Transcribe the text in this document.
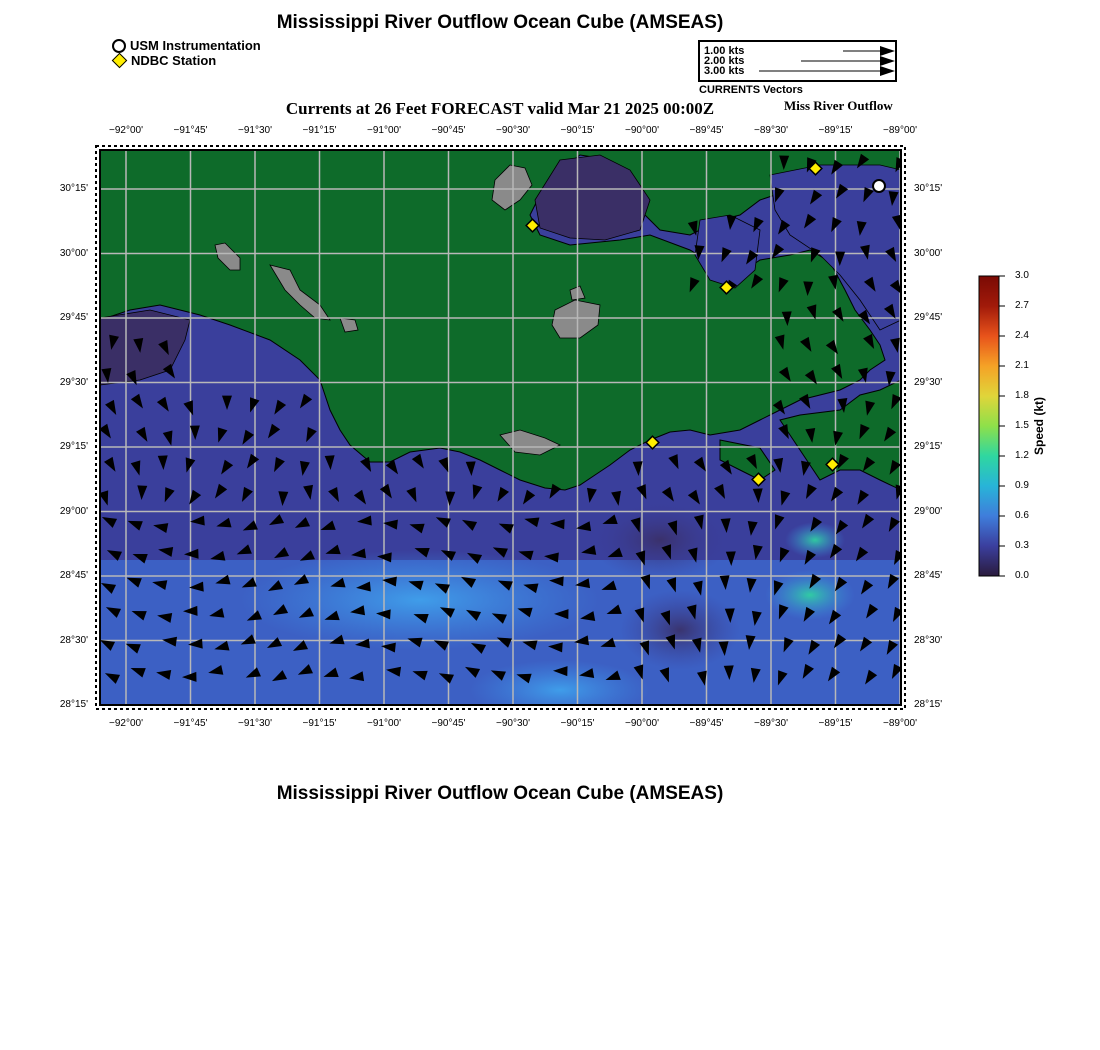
Mississippi River Outflow Ocean Cube (AMSEAS)
USM Instrumentation
NDBC Station
1.00 kts
2.00 kts
3.00 kts
CURRENTS Vectors
Currents at 26 Feet FORECAST valid Mar 21 2025 00:00Z	Miss River Outflow
−92°00'	−91°45'	−91°30'	−91°15'	−91°00'	−90°45'	−90°30'	−90°15'	−90°00'	−89°45'	−89°30'	−89°15'	−89°00'
−92°00'	−91°45'	−91°30'	−91°15'	−91°00'	−90°45'	−90°30'	−90°15'	−90°00'	−89°45'	−89°30'	−89°15'	−89°00'
30°15'
30°00'
29°45'
29°30'
29°15'
29°00'
28°45'
28°30'
28°15'
30°15'
30°00'
29°45'
29°30'
29°15'
29°00'
28°45'
28°30'
28°15'
3.0
2.7
2.4
2.1
1.8
1.5
1.2
0.9
0.6
0.3
0.0
Speed (kt)
Mississippi River Outflow Ocean Cube (AMSEAS)
